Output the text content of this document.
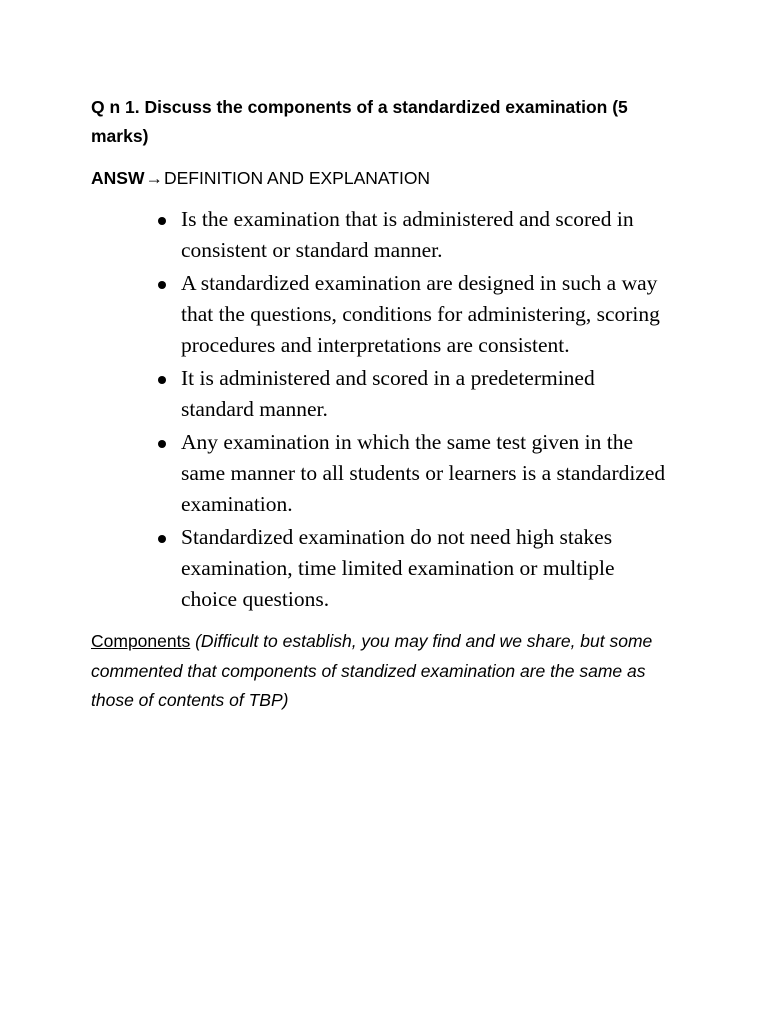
Q n 1. Discuss the components of a standardized examination (5 marks)

ANSW→DEFINITION AND EXPLANATION

Is the examination that is administered and scored in consistent or standard manner.
A standardized examination are designed in such a way that the questions, conditions for administering, scoring procedures and interpretations are consistent.
It is administered and scored in a predetermined standard manner.
Any examination in which the same test given in the same manner to all students or learners is a standardized examination.
Standardized examination do not need high stakes examination, time limited examination or multiple choice questions.

Components (Difficult to establish, you may find and we share, but some commented that components of standized examination are the same as those of contents of TBP)
